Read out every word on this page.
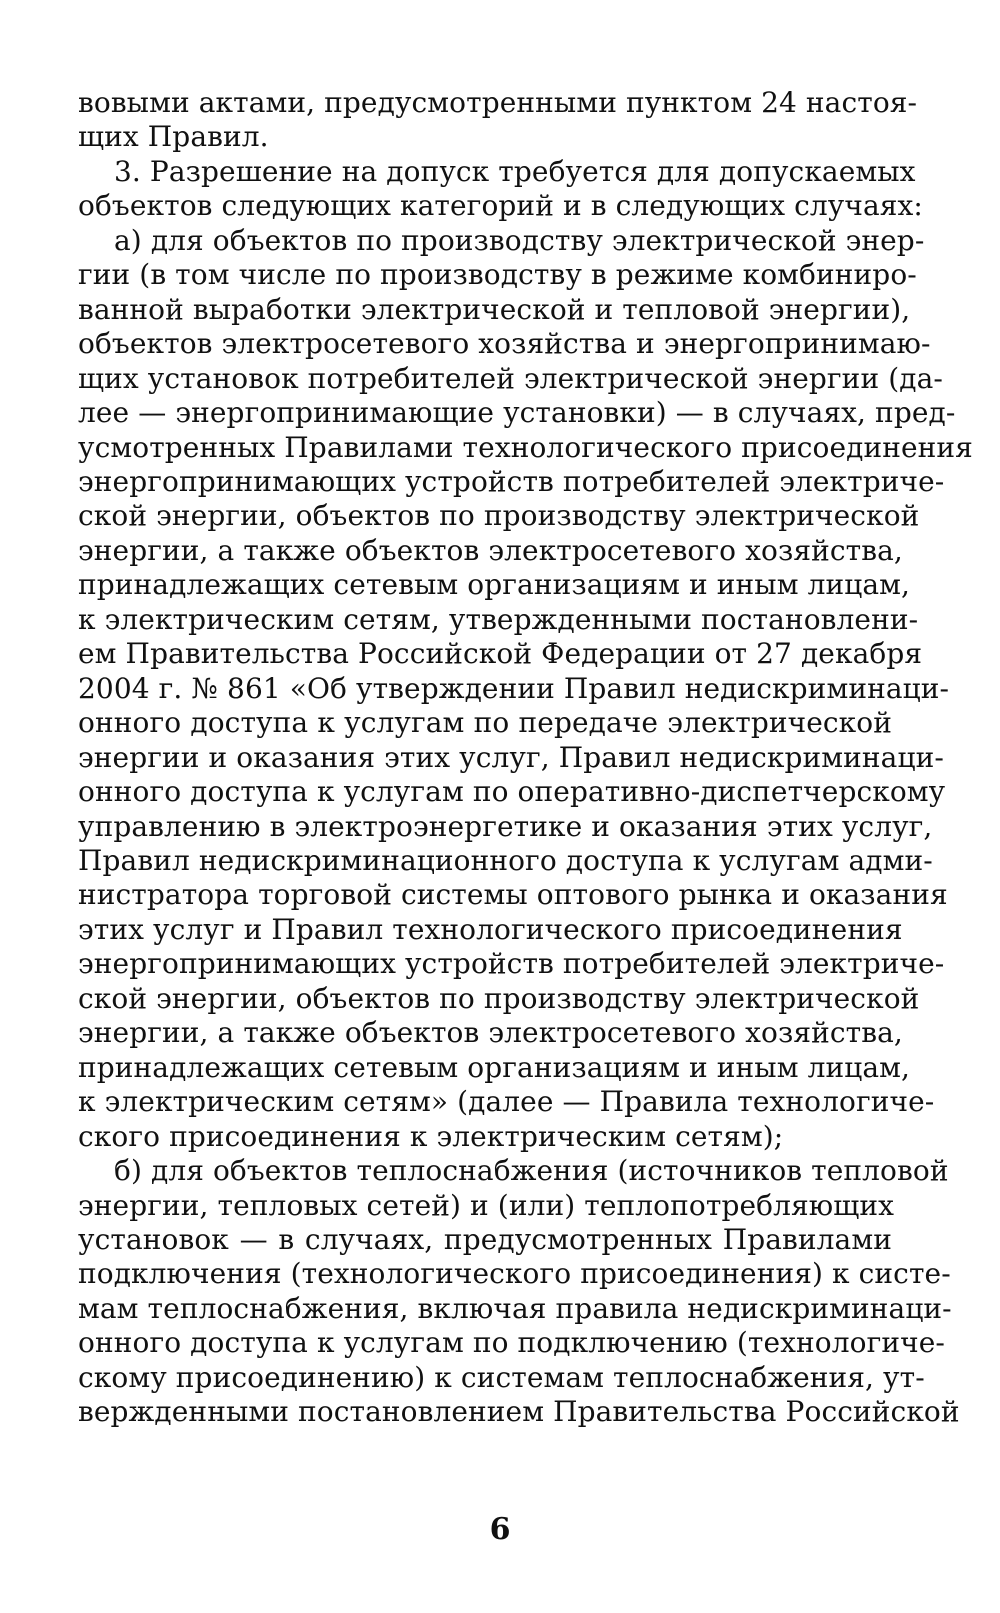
вовыми актами, предусмотренными пунктом 24 настоя-
щих Правил.
3. Разрешение на допуск требуется для допускаемых
объектов следующих категорий и в следующих случаях:
а) для объектов по производству электрической энер-
гии (в том числе по производству в режиме комбиниро-
ванной выработки электрической и тепловой энергии),
объектов электросетевого хозяйства и энергопринимаю-
щих установок потребителей электрической энергии (да-
лее — энергопринимающие установки) — в случаях, пред-
усмотренных Правилами технологического присоединения
энергопринимающих устройств потребителей электриче-
ской энергии, объектов по производству электрической
энергии, а также объектов электросетевого хозяйства,
принадлежащих сетевым организациям и иным лицам,
к электрическим сетям, утвержденными постановлени-
ем Правительства Российской Федерации от 27 декабря
2004 г. № 861 «Об утверждении Правил недискриминаци-
онного доступа к услугам по передаче электрической
энергии и оказания этих услуг, Правил недискриминаци-
онного доступа к услугам по оперативно-диспетчерскому
управлению в электроэнергетике и оказания этих услуг,
Правил недискриминационного доступа к услугам адми-
нистратора торговой системы оптового рынка и оказания
этих услуг и Правил технологического присоединения
энергопринимающих устройств потребителей электриче-
ской энергии, объектов по производству электрической
энергии, а также объектов электросетевого хозяйства,
принадлежащих сетевым организациям и иным лицам,
к электрическим сетям» (далее — Правила технологиче-
ского присоединения к электрическим сетям);
б) для объектов теплоснабжения (источников тепловой
энергии, тепловых сетей) и (или) теплопотребляющих
установок — в случаях, предусмотренных Правилами
подключения (технологического присоединения) к систе-
мам теплоснабжения, включая правила недискриминаци-
онного доступа к услугам по подключению (технологиче-
скому присоединению) к системам теплоснабжения, ут-
вержденными постановлением Правительства Российской
6
